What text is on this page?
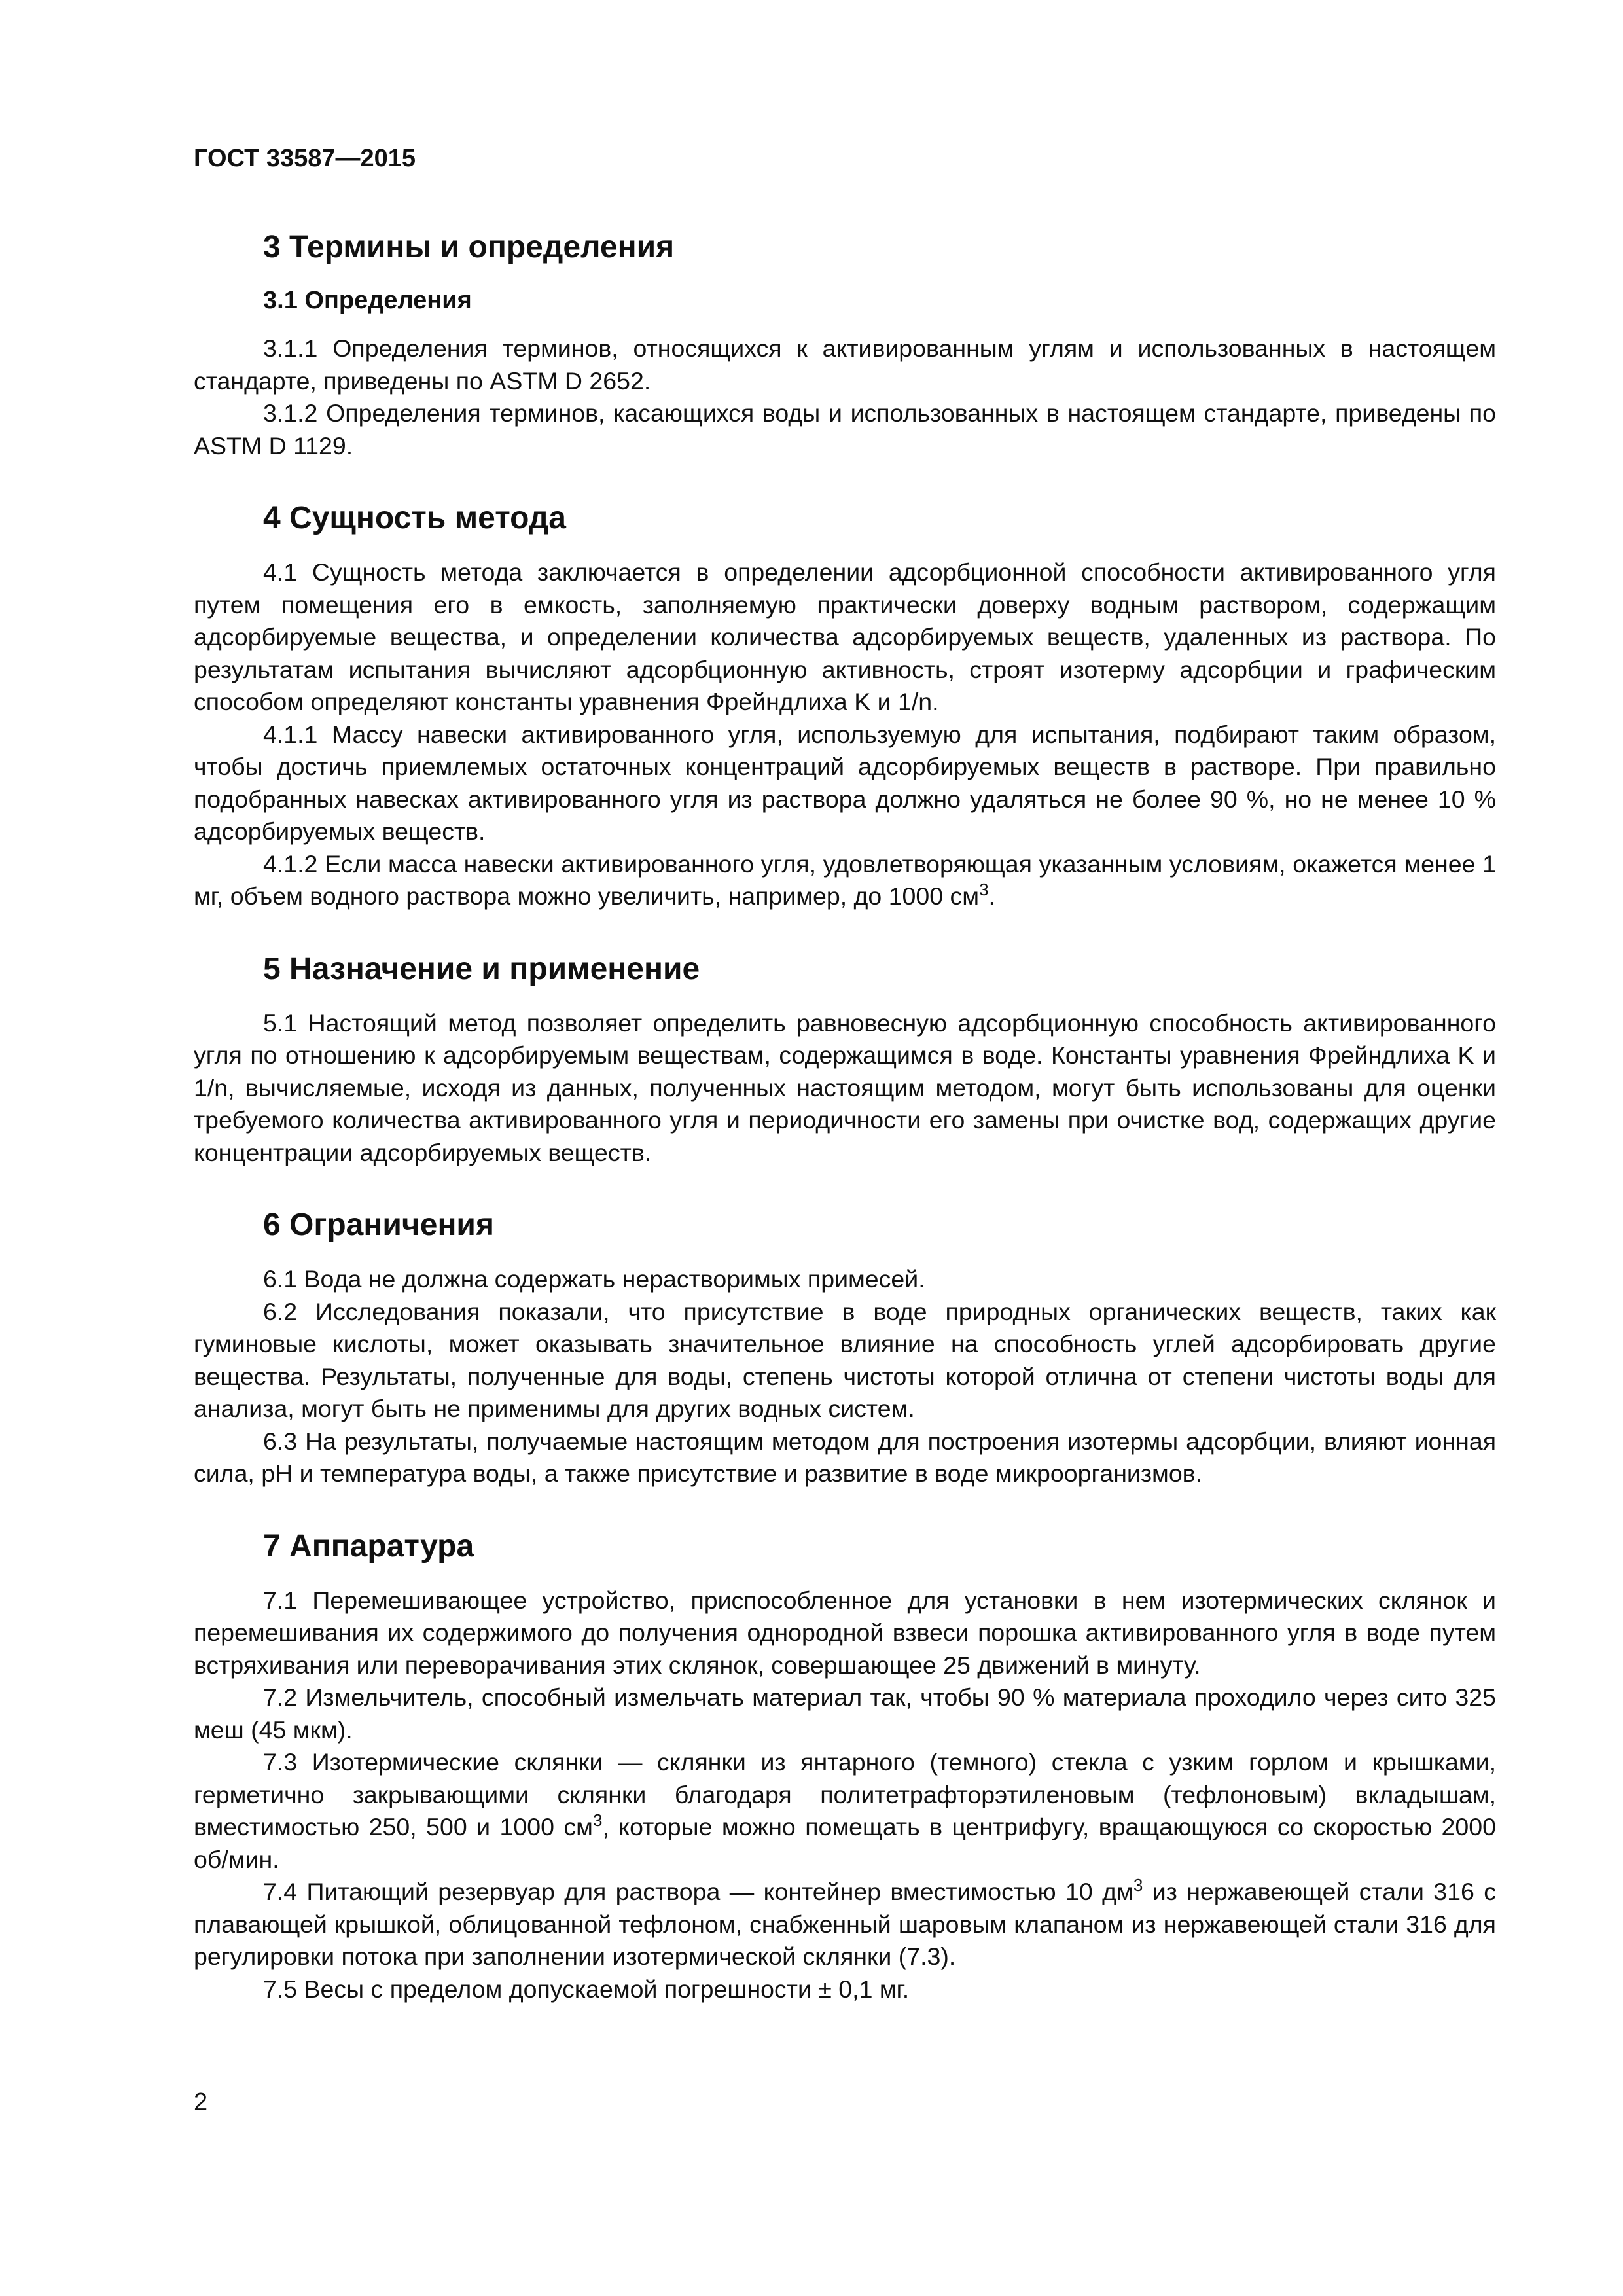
ГОСТ 33587—2015
3 Термины и определения
3.1 Определения

3.1.1 Определения терминов, относящихся к активированным углям и использованных в настоящем стандарте, приведены по ASTM D 2652.

3.1.2 Определения терминов, касающихся воды и использованных в настоящем стандарте, приведены по ASTM D 1129.

4 Сущность метода

4.1 Сущность метода заключается в определении адсорбционной способности активированного угля путем помещения его в емкость, заполняемую практически доверху водным раствором, содержащим адсорбируемые вещества, и определении количества адсорбируемых веществ, удаленных из раствора. По результатам испытания вычисляют адсорбционную активность, строят изотерму адсорбции и графическим способом определяют константы уравнения Фрейндлиха K и 1/n.

4.1.1 Массу навески активированного угля, используемую для испытания, подбирают таким образом, чтобы достичь приемлемых остаточных концентраций адсорбируемых веществ в растворе. При правильно подобранных навесках активированного угля из раствора должно удаляться не более 90 %, но не менее 10 % адсорбируемых веществ.

4.1.2 Если масса навески активированного угля, удовлетворяющая указанным условиям, окажется менее 1 мг, объем водного раствора можно увеличить, например, до 1000 $см^3$.

5 Назначение и применение

5.1 Настоящий метод позволяет определить равновесную адсорбционную способность активированного угля по отношению к адсорбируемым веществам, содержащимся в воде. Константы уравнения Фрейндлиха K и 1/n, вычисляемые, исходя из данных, полученных настоящим методом, могут быть использованы для оценки требуемого количества активированного угля и периодичности его замены при очистке вод, содержащих другие концентрации адсорбируемых веществ.

6 Ограничения

6.1 Вода не должна содержать нерастворимых примесей.

6.2 Исследования показали, что присутствие в воде природных органических веществ, таких как гуминовые кислоты, может оказывать значительное влияние на способность углей адсорбировать другие вещества. Результаты, полученные для воды, степень чистоты которой отлична от степени чистоты воды для анализа, могут быть не применимы для других водных систем.

6.3 На результаты, получаемые настоящим методом для построения изотермы адсорбции, влияют ионная сила, pH и температура воды, а также присутствие и развитие в воде микроорганизмов.

7 Аппаратура

7.1 Перемешивающее устройство, приспособленное для установки в нем изотермических склянок и перемешивания их содержимого до получения однородной взвеси порошка активированного угля в воде путем встряхивания или переворачивания этих склянок, совершающее 25 движений в минуту.

7.2 Измельчитель, способный измельчать материал так, чтобы 90 % материала проходило через сито 325 меш (45 мкм).

7.3 Изотермические склянки — склянки из янтарного (темного) стекла с узким горлом и крышками, герметично закрывающими склянки благодаря политетрафторэтиленовым (тефлоновым) вкладышам, вместимостью 250, 500 и 1000 $см^3$, которые можно помещать в центрифугу, вращающуюся со скоростью 2000 об/мин.

7.4 Питающий резервуар для раствора — контейнер вместимостью 10 $дм^3$ из нержавеющей стали 316 с плавающей крышкой, облицованной тефлоном, снабженный шаровым клапаном из нержавеющей стали 316 для регулировки потока при заполнении изотермической склянки (7.3).

7.5 Весы с пределом допускаемой погрешности ± 0,1 мг.

2
